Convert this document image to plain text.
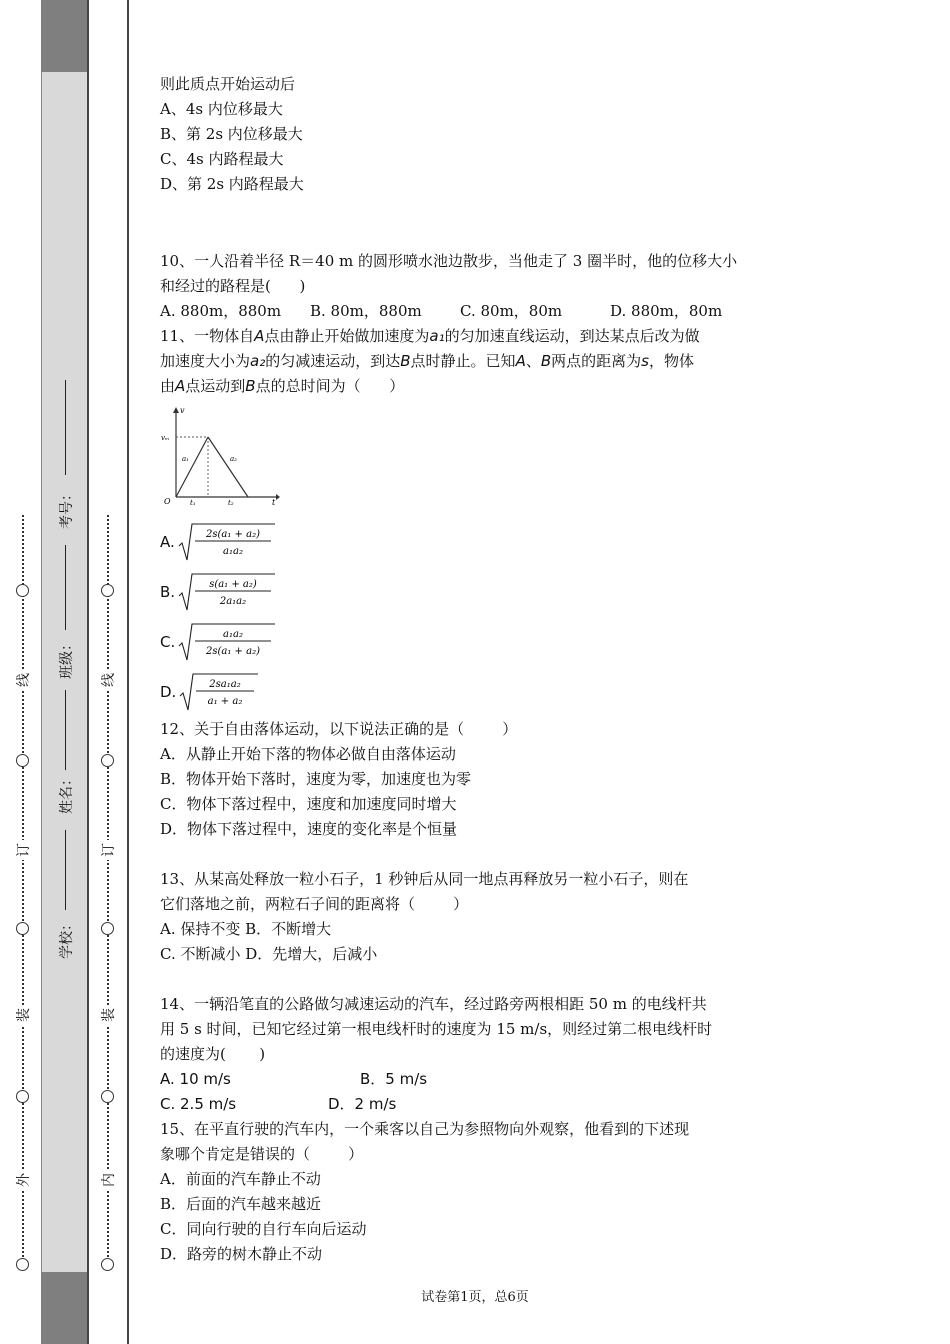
线
订
装
外
考号：
班级：
姓名：
学校：
线
订
装
内
则此质点开始运动后
A、4s 内位移最大
B、第 2s 内位移最大
C、4s 内路程最大
D、第 2s 内路程最大
10、一人沿着半径 R＝40 m 的圆形喷水池边散步，当他走了 3 圈半时，他的位移大小
和经过的路程是(      )
A. 880m，880m	B. 80m，880m	C. 80m，80m	D. 880m，80m
11、一物体自A点由静止开始做加速度为a₁的匀加速直线运动，到达某点后改为做
加速度大小为a₂的匀减速运动，到达B点时静止。已知A、B两点的距离为s，物体
由A点运动到B点的总时间为（      ）
v
t
O
vₘ
a₁	a₂
t₁	t₂
A.	2s(a₁ + a₂)
a₁a₂
B.	s(a₁ + a₂)
2a₁a₂
C.	a₁a₂
2s(a₁ + a₂)
D.	2sa₁a₂
a₁ + a₂
12、关于自由落体运动，以下说法正确的是（        ）
A．从静止开始下落的物体必做自由落体运动
B．物体开始下落时，速度为零，加速度也为零
C．物体下落过程中，速度和加速度同时增大
D．物体下落过程中，速度的变化率是个恒量
13、从某高处释放一粒小石子，1 秒钟后从同一地点再释放另一粒小石子，则在
它们落地之前，两粒石子间的距离将（        ）
A. 保持不变 B．不断增大
C. 不断减小 D．先增大，后减小
14、一辆沿笔直的公路做匀减速运动的汽车，经过路旁两根相距 50 m 的电线杆共
用 5 s 时间，已知它经过第一根电线杆时的速度为 15 m/s，则经过第二根电线杆时
的速度为(       )
A. 10 m/s	B．5 m/s
C. 2.5 m/s	D．2 m/s
15、在平直行驶的汽车内，一个乘客以自己为参照物向外观察，他看到的下述现
象哪个肯定是错误的（        ）
A．前面的汽车静止不动
B．后面的汽车越来越近
C．同向行驶的自行车向后运动
D．路旁的树木静止不动
试卷第1页，总6页
